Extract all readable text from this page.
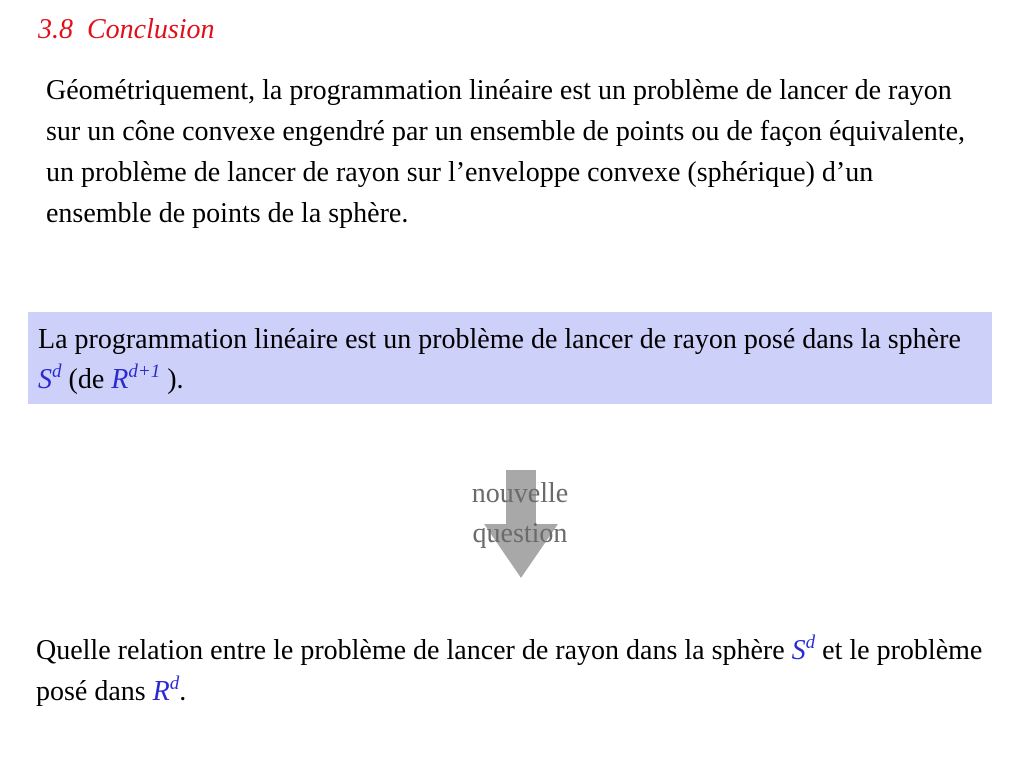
3.8 Conclusion

Géométriquement, la programmation linéaire est un problème de lancer de rayon sur un cône convexe engendré par un ensemble de points ou de façon équivalente, un problème de lancer de rayon sur l’enveloppe convexe (sphérique) d’un ensemble de points de la sphère.

La programmation linéaire est un problème de lancer de rayon posé dans la sphère $S^d$ (de $R^{d+1}$ ).
nouvelle
question

Quelle relation entre le problème de lancer de rayon dans la sphère $S^d$ et le problème posé dans $R^d$.
